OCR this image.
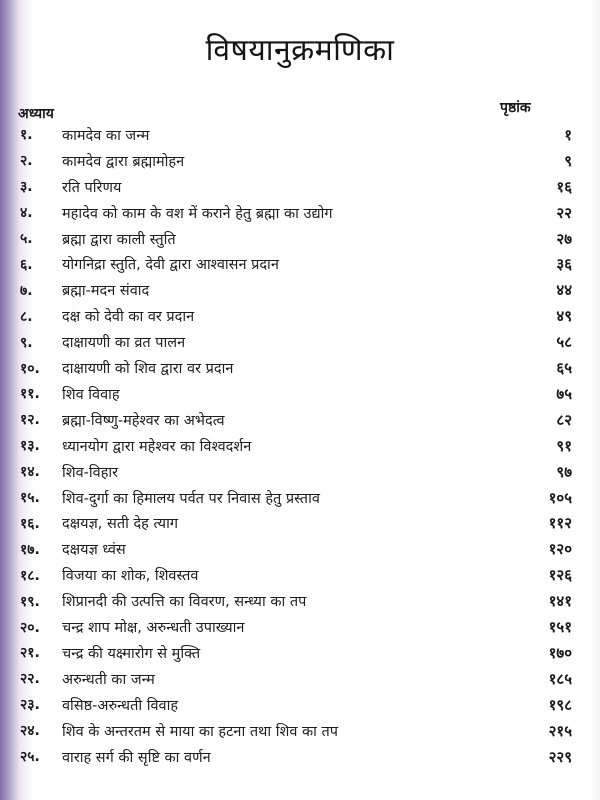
विषयानुक्रमणिका
अध्याय	पृष्ठांक
१.	कामदेव का जन्म	१
२.	कामदेव द्वारा ब्रह्मामोहन	९
३.	रति परिणय	१६
४.	महादेव को काम के वश में कराने हेतु ब्रह्मा का उद्योग	२२
५.	ब्रह्मा द्वारा काली स्तुति	२७
६.	योगनिद्रा स्तुति, देवी द्वारा आश्वासन प्रदान	३६
७.	ब्रह्मा-मदन संवाद	४४
८.	दक्ष को देवी का वर प्रदान	४९
९.	दाक्षायणी का व्रत पालन	५८
१०.	दाक्षायणी को शिव द्वारा वर प्रदान	६५
११.	शिव विवाह	७५
१२.	ब्रह्मा-विष्णु-महेश्वर का अभेदत्व	८२
१३.	ध्यानयोग द्वारा महेश्वर का विश्वदर्शन	९१
१४.	शिव-विहार	९७
१५.	शिव-दुर्गा का हिमालय पर्वत पर निवास हेतु प्रस्ताव	१०५
१६.	दक्षयज्ञ, सती देह त्याग	११२
१७.	दक्षयज्ञ ध्वंस	१२०
१८.	विजया का शोक, शिवस्तव	१२६
१९.	शिप्रानदी की उत्पत्ति का विवरण, सन्ध्या का तप	१४१
२०.	चन्द्र शाप मोक्ष, अरुन्धती उपाख्यान	१५१
२१.	चन्द्र की यक्ष्मारोग से मुक्ति	१७०
२२.	अरुन्धती का जन्म	१८५
२३.	वसिष्ठ-अरुन्धती विवाह	१९८
२४.	शिव के अन्तरतम से माया का हटना तथा शिव का तप	२१५
२५.	वाराह सर्ग की सृष्टि का वर्णन	२२९
